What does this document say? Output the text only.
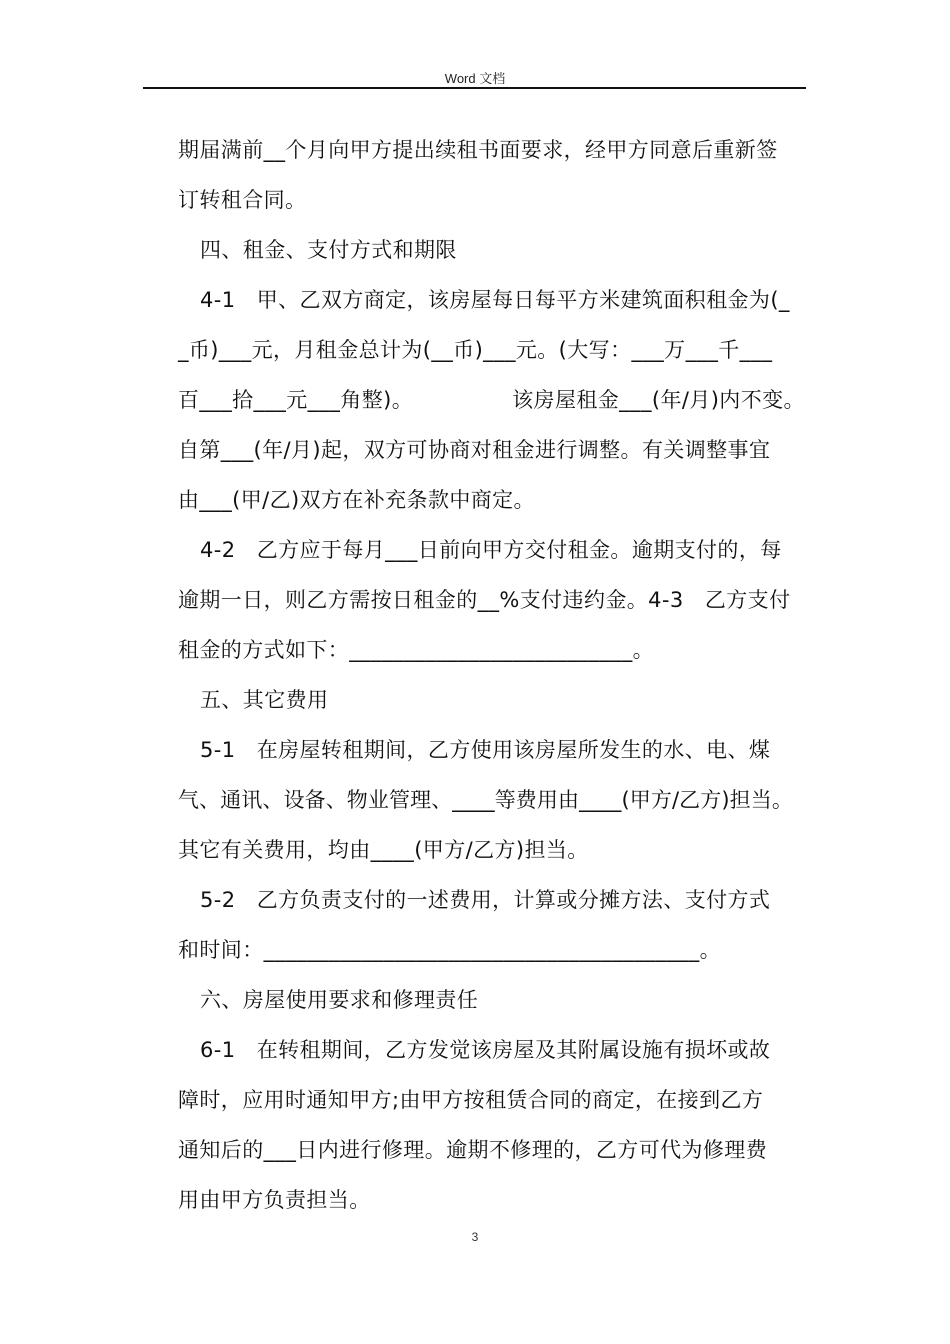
Word 文档
期届满前__个月向甲方提出续租书面要求，经甲方同意后重新签
订转租合同。
四、租金、支付方式和期限
4-1   甲、乙双方商定，该房屋每日每平方米建筑面积租金为(_
_币)___元，月租金总计为(__币)___元。(大写：___万___千___
百___拾___元___角整)。              该房屋租金___(年/月)内不变。
自第___(年/月)起，双方可协商对租金进行调整。有关调整事宜
由___(甲/乙)双方在补充条款中商定。
4-2   乙方应于每月___日前向甲方交付租金。逾期支付的，每
逾期一日，则乙方需按日租金的__%支付违约金。4-3   乙方支付
租金的方式如下：__________________________。
五、其它费用
5-1   在房屋转租期间，乙方使用该房屋所发生的水、电、煤
气、通讯、设备、物业管理、____等费用由____(甲方/乙方)担当。
其它有关费用，均由____(甲方/乙方)担当。
5-2   乙方负责支付的一述费用，计算或分摊方法、支付方式
和时间：________________________________________。
六、房屋使用要求和修理责任
6-1   在转租期间，乙方发觉该房屋及其附属设施有损坏或故
障时，应用时通知甲方;由甲方按租赁合同的商定，在接到乙方
通知后的___日内进行修理。逾期不修理的，乙方可代为修理费
用由甲方负责担当。
3
